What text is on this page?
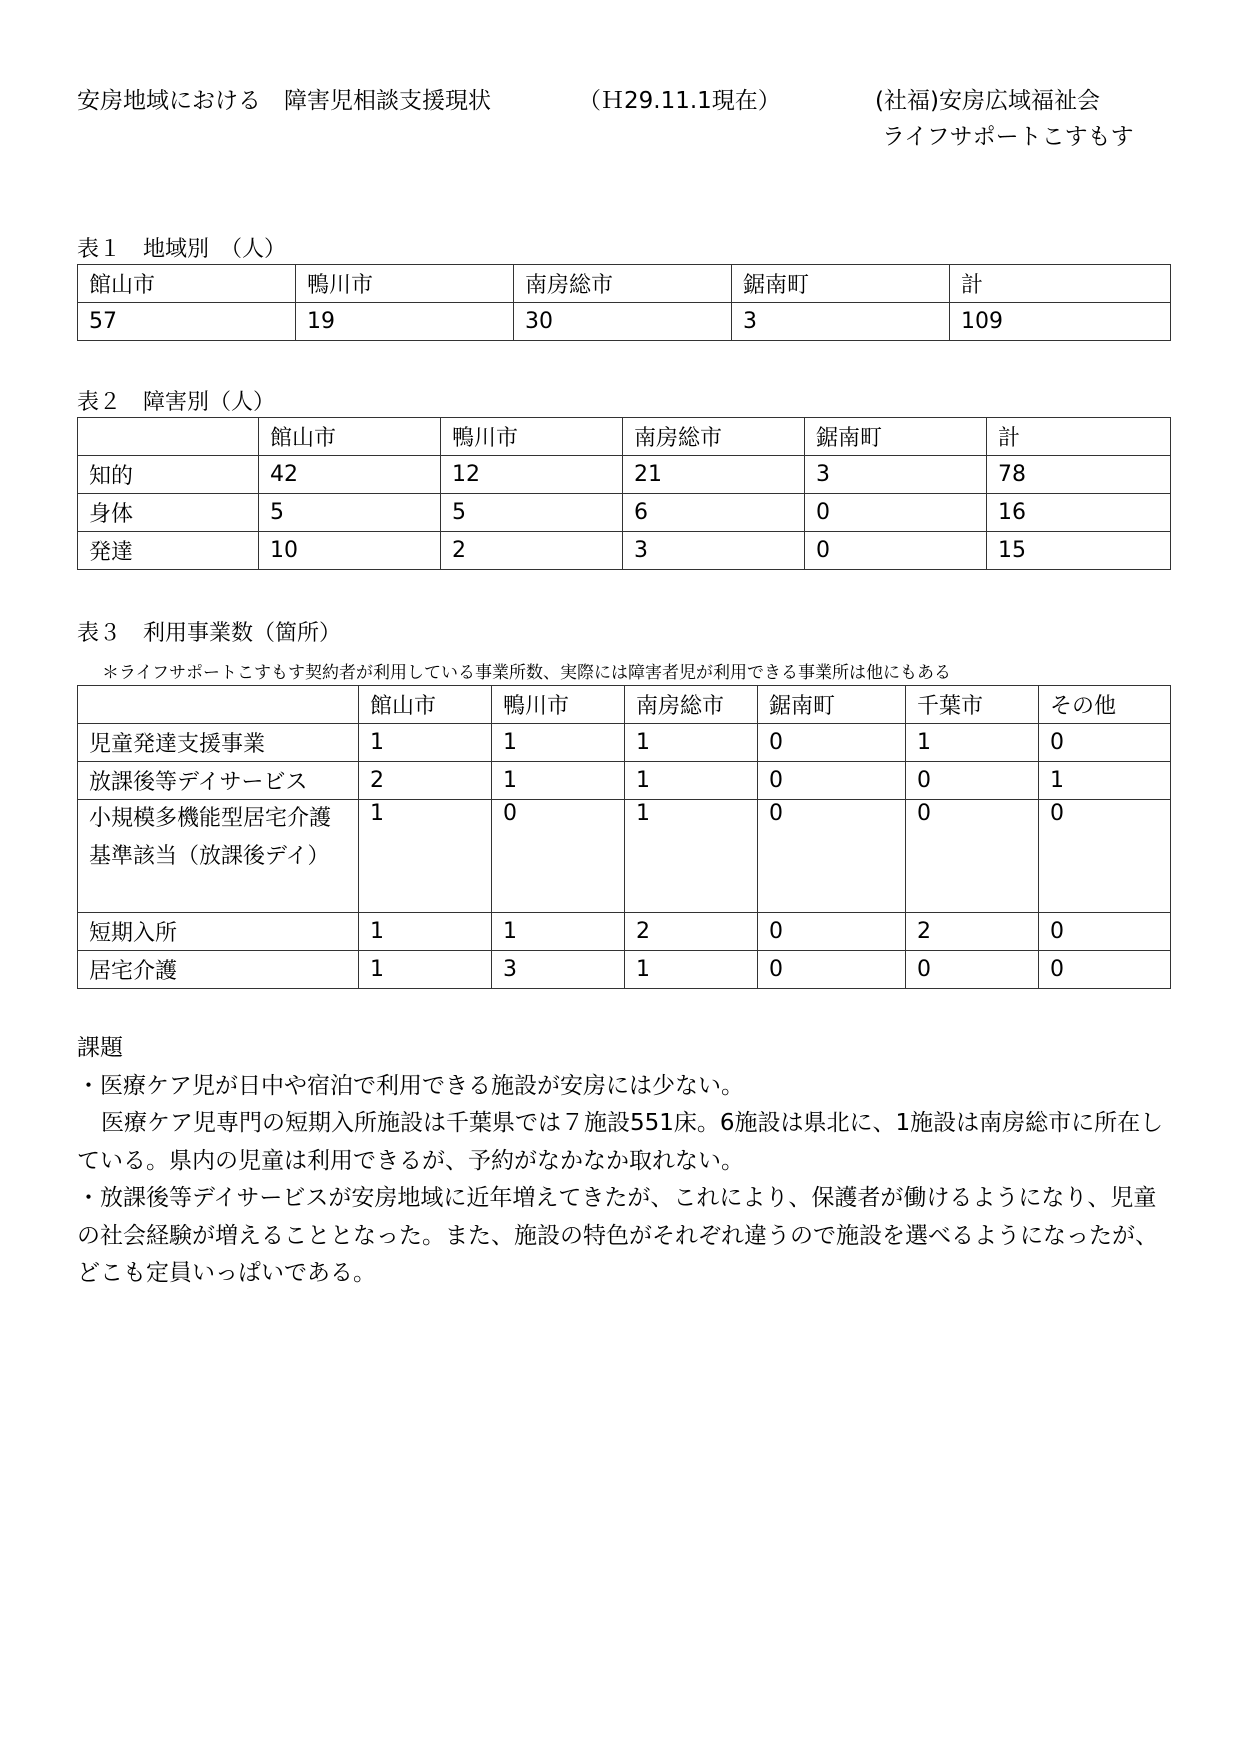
安房地域における　障害児相談支援現状	（Ｈ29.11.1現在）	(社福)安房広域福祉会
ライフサポートこすもす
表１　地域別　（人）
館山市	鴨川市	南房総市	鋸南町	計
57	19	30	3	109
表２　障害別（人）
	館山市	鴨川市	南房総市	鋸南町	計
知的	42	12	21	3	78
身体	5	5	6	0	16
発達	10	2	3	0	15
表３　利用事業数（箇所）
＊ライフサポートこすもす契約者が利用している事業所数、実際には障害者児が利用できる事業所は他にもある
	館山市	鴨川市	南房総市	鋸南町	千葉市	その他
児童発達支援事業	1	1	1	0	1	0
放課後等デイサービス	2	1	1	0	0	1
小規模多機能型居宅介護基準該当（放課後デイ）	1	0	1	0	0	0
短期入所	1	1	2	0	2	0
居宅介護	1	3	1	0	0	0

課題

・医療ケア児が日中や宿泊で利用できる施設が安房には少ない。

医療ケア児専門の短期入所施設は千葉県では７施設551床。6施設は県北に、1施設は南房総市に所在している。県内の児童は利用できるが、予約がなかなか取れない。

・放課後等デイサービスが安房地域に近年増えてきたが、これにより、保護者が働けるようになり、児童の社会経験が増えることとなった。また、施設の特色がそれぞれ違うので施設を選べるようになったが、どこも定員いっぱいである。
